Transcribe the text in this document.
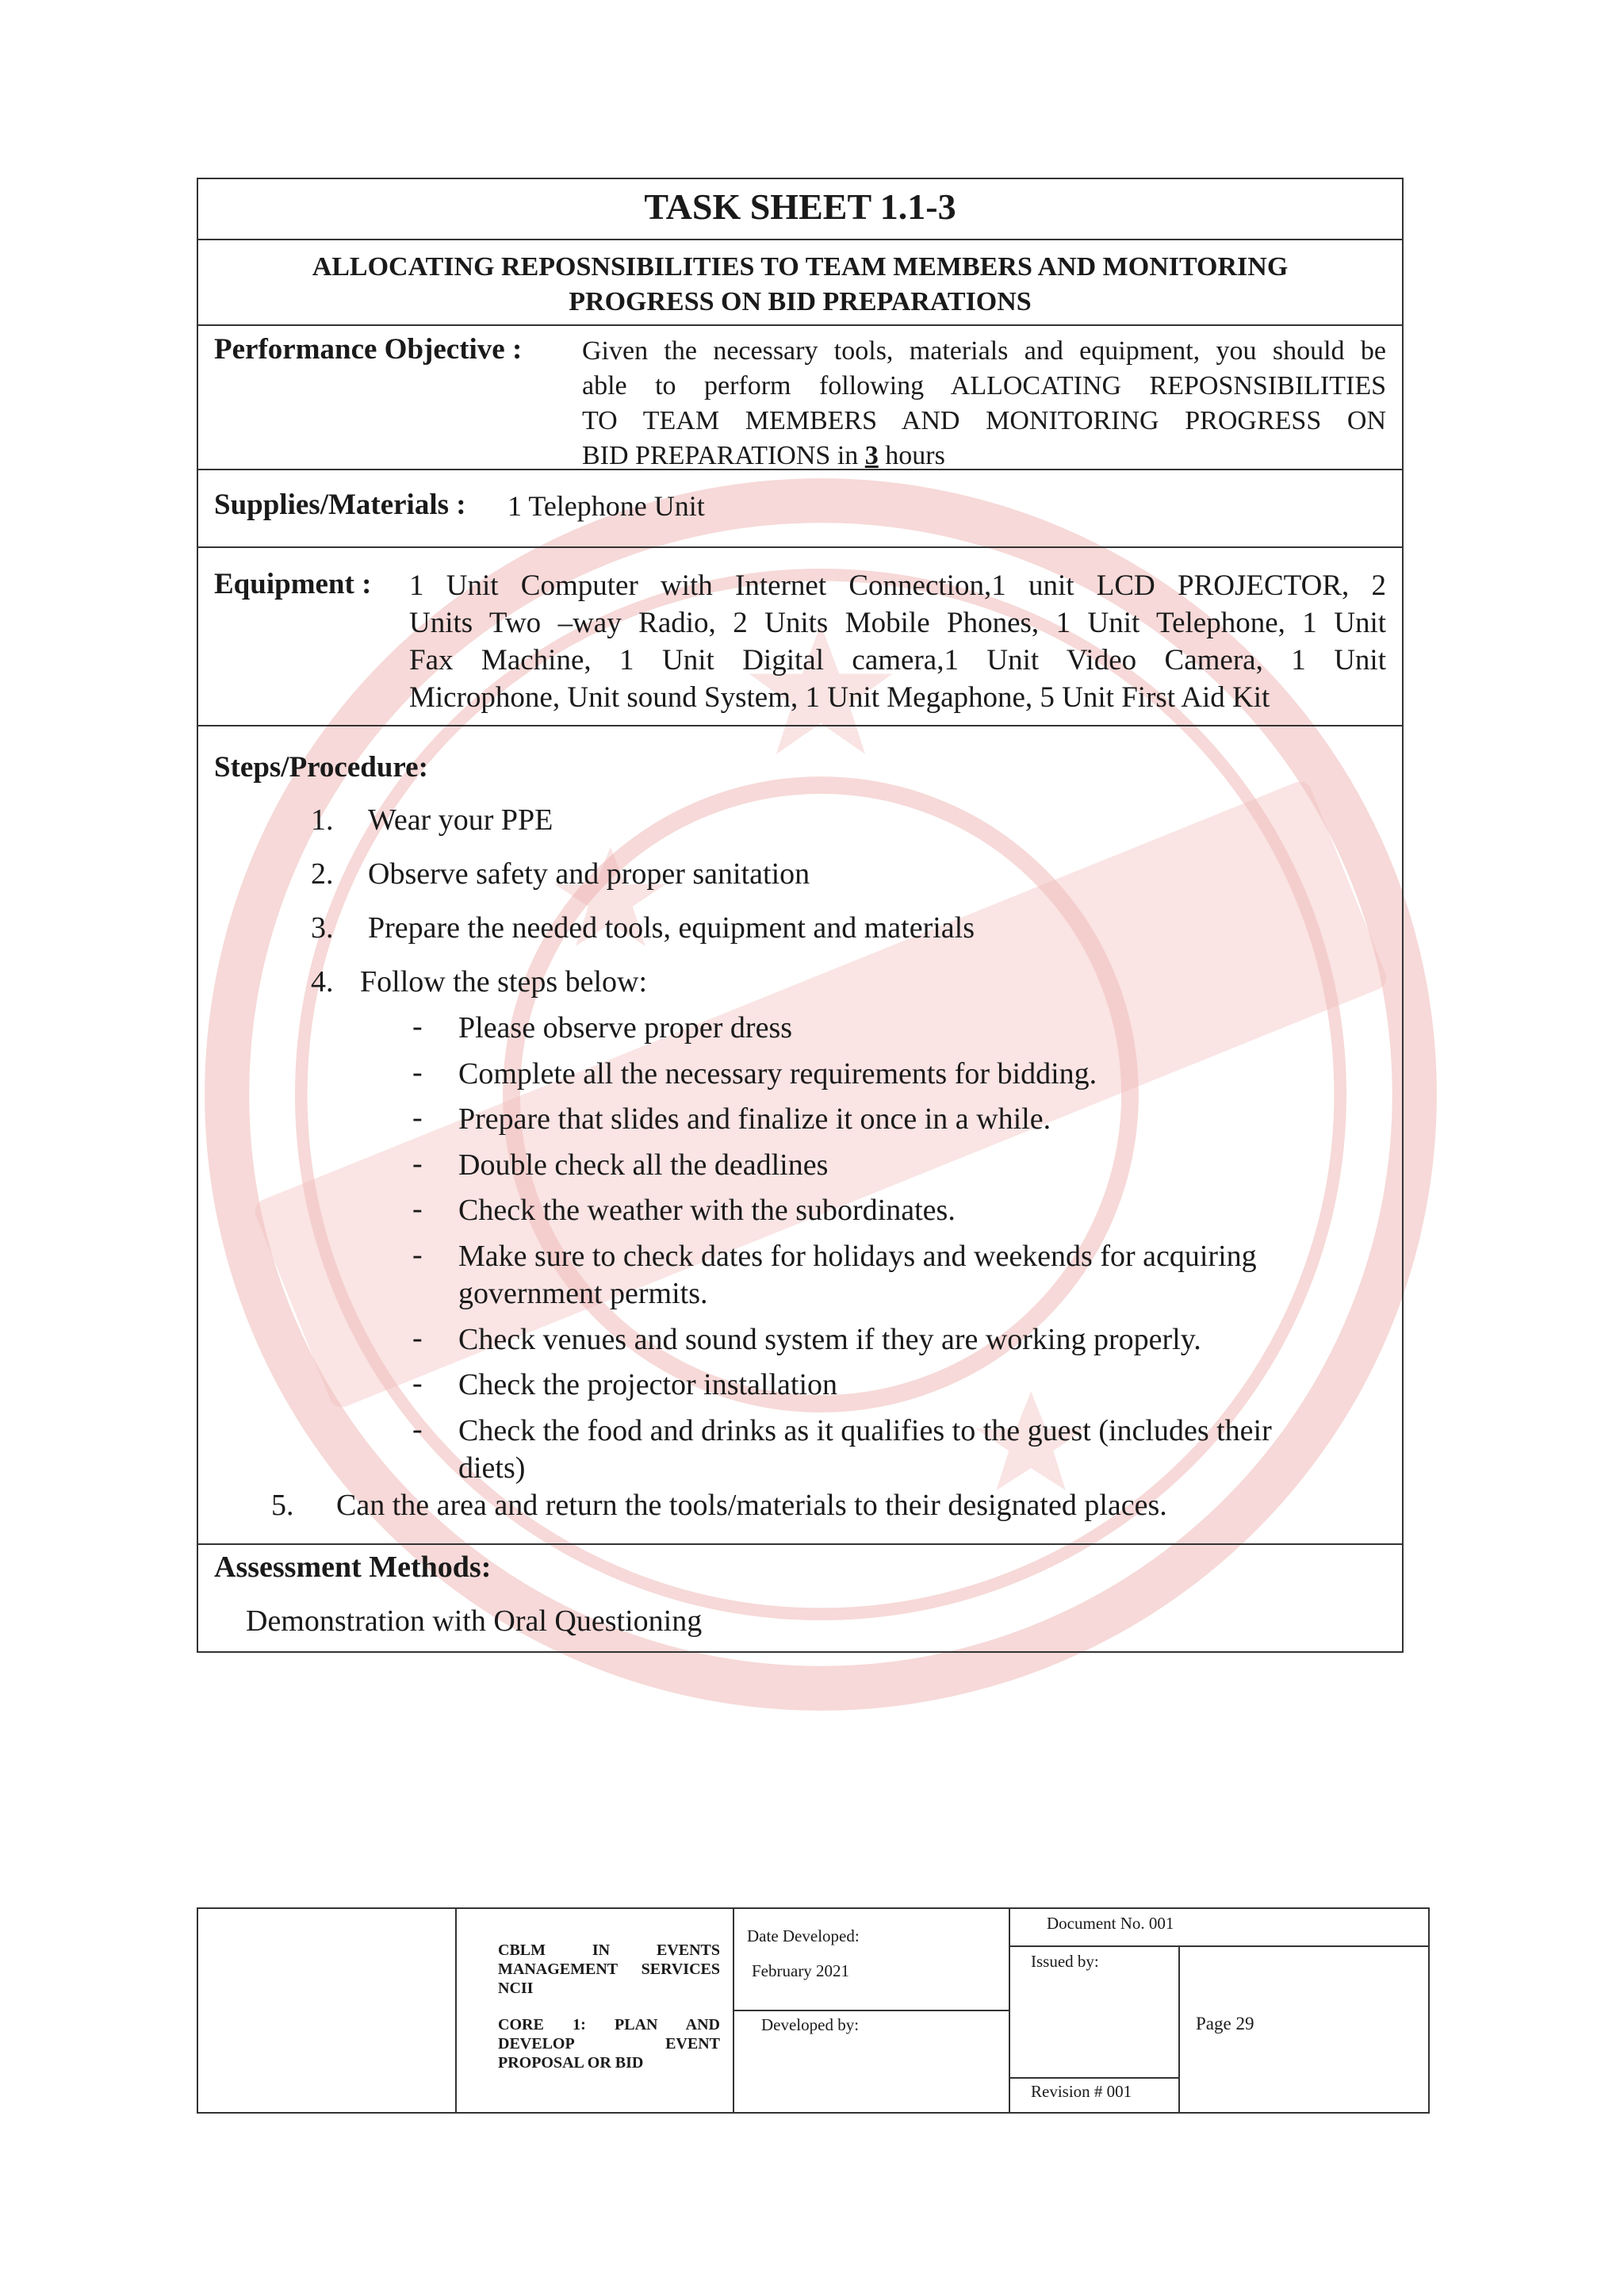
TASK SHEET 1.1-3
ALLOCATING REPOSNSIBILITIES TO TEAM MEMBERS AND MONITORING
PROGRESS ON BID PREPARATIONS
Performance Objective : Given the necessary tools, materials and equipment, you should be
able to perform following ALLOCATING REPOSNSIBILITIES
TO TEAM MEMBERS AND MONITORING PROGRESS ON
BID PREPARATIONS in 3 hours
Supplies/Materials : 1 Telephone Unit
Equipment : 1 Unit Computer with Internet Connection,1 unit LCD PROJECTOR, 2
Units Two –way Radio, 2 Units Mobile Phones, 1 Unit Telephone, 1 Unit
Fax Machine, 1 Unit Digital camera,1 Unit Video Camera, 1 Unit
Microphone, Unit sound System, 1 Unit Megaphone, 5 Unit First Aid Kit
Steps/Procedure:
1. Wear your PPE
2. Observe safety and proper sanitation
3. Prepare the needed tools, equipment and materials
4. Follow the steps below:
- Please observe proper dress
- Complete all the necessary requirements for bidding.
- Prepare that slides and finalize it once in a while.
- Double check all the deadlines
- Check the weather with the subordinates.
- Make sure to check dates for holidays and weekends for acquiring
government permits.
- Check venues and sound system if they are working properly.
- Check the projector installation
- Check the food and drinks as it qualifies to the guest (includes their
diets)
5. Can the area and return the tools/materials to their designated places.
Assessment Methods:
Demonstration with Oral Questioning
CBLM IN EVENTS
MANAGEMENT SERVICES
NCII
CORE 1: PLAN AND
DEVELOP EVENT
PROPOSAL OR BID
Date Developed:
February 2021
Developed by:
Document No. 001
Issued by:
Revision # 001
Page 29
